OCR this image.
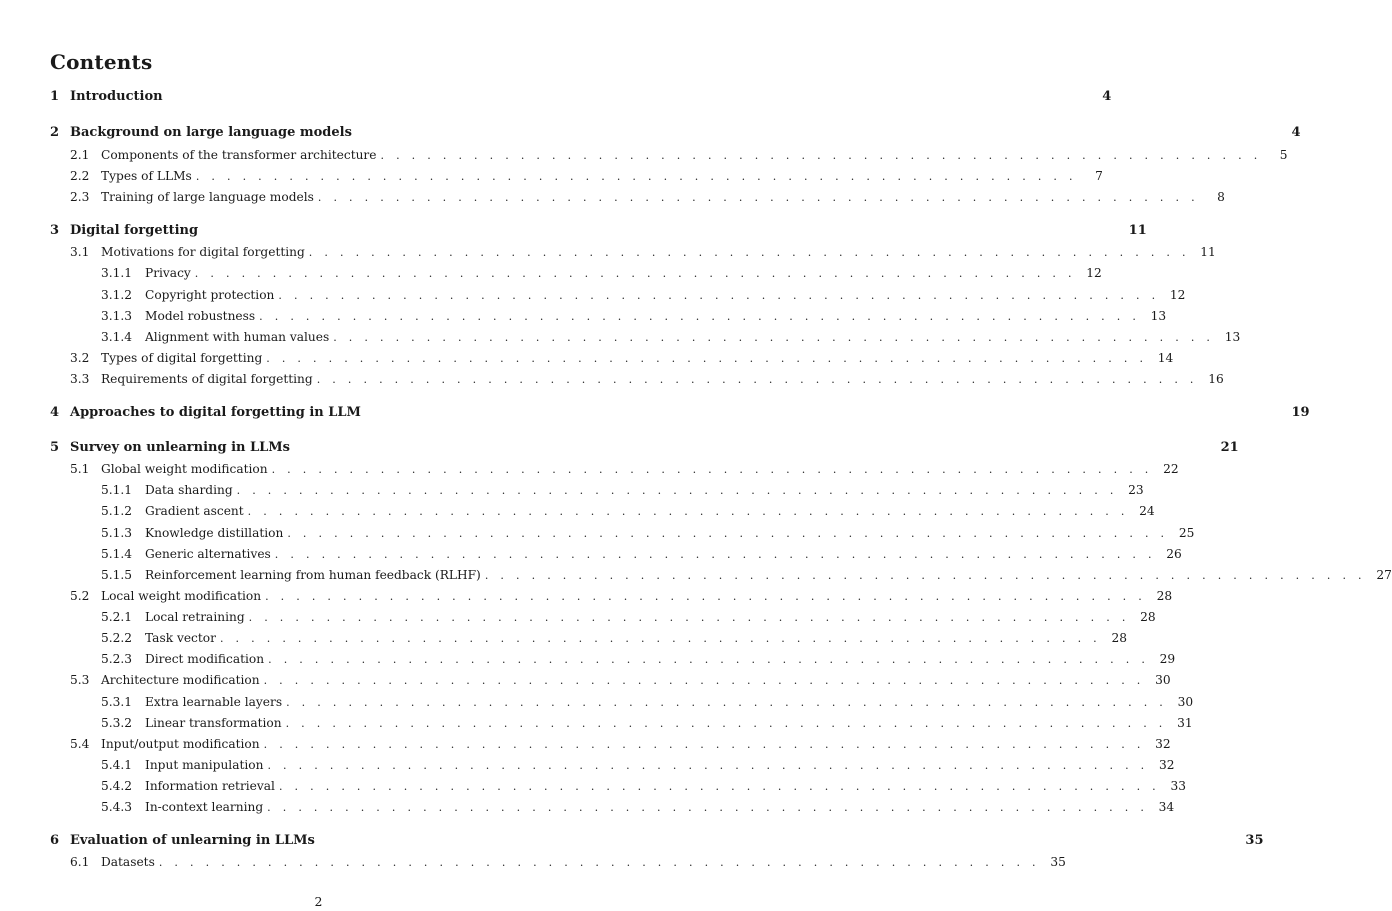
Contents
1 Introduction	4
2 Background on large language models	4
2.1 Components of the transformer architecture . . . . . . . . . . . . . . . . . . . . . . . . . . . . . . . . . . . . . . . . . . . . . . . . . . . . . . . . .	5
2.2 Types of LLMs . . . . . . . . . . . . . . . . . . . . . . . . . . . . . . . . . . . . . . . . . . . . . . . . . . . . . . . . .	7
2.3 Training of large language models . . . . . . . . . . . . . . . . . . . . . . . . . . . . . . . . . . . . . . . . . . . . . . . . . . . . . . . . .	8
3 Digital forgetting	11
3.1 Motivations for digital forgetting . . . . . . . . . . . . . . . . . . . . . . . . . . . . . . . . . . . . . . . . . . . . . . . . . . . . . . . . . 11
3.1.1	Privacy . . . . . . . . . . . . . . . . . . . . . . . . . . . . . . . . . . . . . . . . . . . . . . . . . . . . . . . . . 12
3.1.2	Copyright protection . . . . . . . . . . . . . . . . . . . . . . . . . . . . . . . . . . . . . . . . . . . . . . . . . . . . . . . . . 12
3.1.3	Model robustness . . . . . . . . . . . . . . . . . . . . . . . . . . . . . . . . . . . . . . . . . . . . . . . . . . . . . . . . . 13
3.1.4	Alignment with human values . . . . . . . . . . . . . . . . . . . . . . . . . . . . . . . . . . . . . . . . . . . . . . . . . . . . . . . . . 13
3.2 Types of digital forgetting . . . . . . . . . . . . . . . . . . . . . . . . . . . . . . . . . . . . . . . . . . . . . . . . . . . . . . . . . 14
3.3 Requirements of digital forgetting . . . . . . . . . . . . . . . . . . . . . . . . . . . . . . . . . . . . . . . . . . . . . . . . . . . . . . . . . 16
4 Approaches to digital forgetting in LLM	19
5 Survey on unlearning in LLMs	21
5.1 Global weight modification . . . . . . . . . . . . . . . . . . . . . . . . . . . . . . . . . . . . . . . . . . . . . . . . . . . . . . . . . 22
5.1.1	Data sharding . . . . . . . . . . . . . . . . . . . . . . . . . . . . . . . . . . . . . . . . . . . . . . . . . . . . . . . . . 23
5.1.2	Gradient ascent . . . . . . . . . . . . . . . . . . . . . . . . . . . . . . . . . . . . . . . . . . . . . . . . . . . . . . . . . 24
5.1.3	Knowledge distillation . . . . . . . . . . . . . . . . . . . . . . . . . . . . . . . . . . . . . . . . . . . . . . . . . . . . . . . . . 25
5.1.4	Generic alternatives . . . . . . . . . . . . . . . . . . . . . . . . . . . . . . . . . . . . . . . . . . . . . . . . . . . . . . . . . 26
5.1.5	Reinforcement learning from human feedback (RLHF) . . . . . . . . . . . . . . . . . . . . . . . . . . . . . . . . . . . . . . . . . . . . . . . . . . . . . . . . . 27
5.2 Local weight modification . . . . . . . . . . . . . . . . . . . . . . . . . . . . . . . . . . . . . . . . . . . . . . . . . . . . . . . . . 28
5.2.1	Local retraining . . . . . . . . . . . . . . . . . . . . . . . . . . . . . . . . . . . . . . . . . . . . . . . . . . . . . . . . . 28
5.2.2	Task vector . . . . . . . . . . . . . . . . . . . . . . . . . . . . . . . . . . . . . . . . . . . . . . . . . . . . . . . . . 28
5.2.3	Direct modification . . . . . . . . . . . . . . . . . . . . . . . . . . . . . . . . . . . . . . . . . . . . . . . . . . . . . . . . . 29
5.3 Architecture modification . . . . . . . . . . . . . . . . . . . . . . . . . . . . . . . . . . . . . . . . . . . . . . . . . . . . . . . . . 30
5.3.1	Extra learnable layers . . . . . . . . . . . . . . . . . . . . . . . . . . . . . . . . . . . . . . . . . . . . . . . . . . . . . . . . . 30
5.3.2	Linear transformation . . . . . . . . . . . . . . . . . . . . . . . . . . . . . . . . . . . . . . . . . . . . . . . . . . . . . . . . . 31
5.4 Input/output modification . . . . . . . . . . . . . . . . . . . . . . . . . . . . . . . . . . . . . . . . . . . . . . . . . . . . . . . . . 32
5.4.1	Input manipulation . . . . . . . . . . . . . . . . . . . . . . . . . . . . . . . . . . . . . . . . . . . . . . . . . . . . . . . . . 32
5.4.2	Information retrieval . . . . . . . . . . . . . . . . . . . . . . . . . . . . . . . . . . . . . . . . . . . . . . . . . . . . . . . . . 33
5.4.3	In-context learning . . . . . . . . . . . . . . . . . . . . . . . . . . . . . . . . . . . . . . . . . . . . . . . . . . . . . . . . . 34
6 Evaluation of unlearning in LLMs	35
6.1 Datasets . . . . . . . . . . . . . . . . . . . . . . . . . . . . . . . . . . . . . . . . . . . . . . . . . . . . . . . . . 35
2
